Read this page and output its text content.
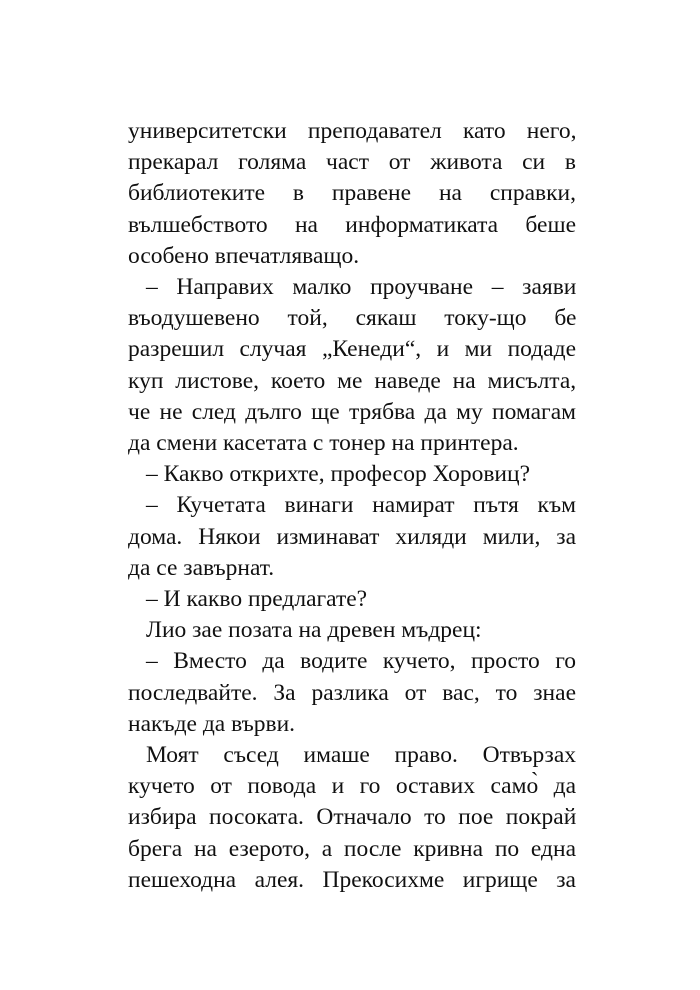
университетски преподавател като него,
прекарал голяма част от живота си в
библиотеките в правене на справки,
вълшебството на информатиката беше
особено впечатляващо.
– Направих малко проучване – заяви
въодушевено той, сякаш току-що бе
разрешил случая „Кенеди“, и ми подаде
куп листове, което ме наведе на мисълта,
че не след дълго ще трябва да му помагам
да смени касетата с тонер на принтера.
– Какво открихте, професор Хоровиц?
– Кучетата винаги намират пътя към
дома. Някои изминават хиляди мили, за
да се завърнат.
– И какво предлагате?
Лио зае позата на древен мъдрец:
– Вместо да водите кучето, просто го
последвайте. За разлика от вас, то знае
накъде да върви.
Моят съсед имаше право. Отвързах
кучето от повода и го оставих само̀ да
избира посоката. Отначало то пое покрай
брега на езерото, а после кривна по една
пешеходна алея. Прекосихме игрище за
